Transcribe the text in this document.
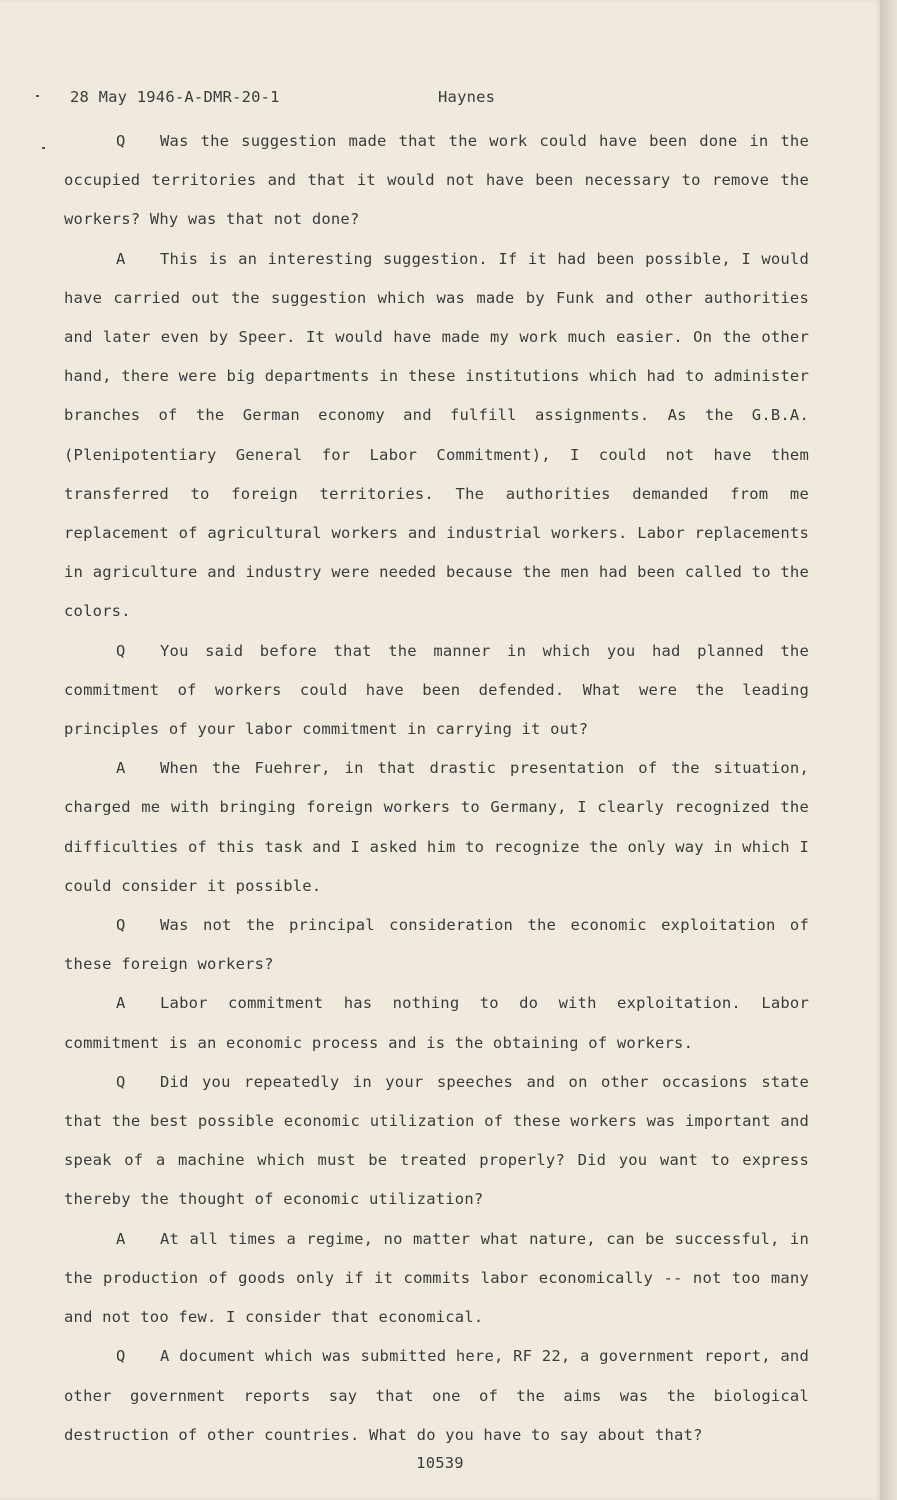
28 May 1946-A-DMR-20-1	Haynes

Q Was the suggestion made that the work could have been done in the occupied territories and that it would not have been necessary to remove the workers? Why was that not done?

A This is an interesting suggestion. If it had been possible, I would have carried out the suggestion which was made by Funk and other authorities and later even by Speer. It would have made my work much easier. On the other hand, there were big departments in these institutions which had to administer branches of the German economy and fulfill assignments. As the G.B.A. (Plenipotentiary General for Labor Commitment), I could not have them transferred to foreign territories. The authorities demanded from me replacement of agricultural workers and industrial workers. Labor replacements in agriculture and industry were needed because the men had been called to the colors.

Q You said before that the manner in which you had planned the commitment of workers could have been defended. What were the leading principles of your labor commitment in carrying it out?

A When the Fuehrer, in that drastic presentation of the situation, charged me with bringing foreign workers to Germany, I clearly recognized the difficulties of this task and I asked him to recognize the only way in which I could consider it possible.

Q Was not the principal consideration the economic exploitation of these foreign workers?

A Labor commitment has nothing to do with exploitation. Labor commitment is an economic process and is the obtaining of workers.

Q Did you repeatedly in your speeches and on other occasions state that the best possible economic utilization of these workers was important and speak of a machine which must be treated properly? Did you want to express thereby the thought of economic utilization?

A At all times a regime, no matter what nature, can be successful, in the production of goods only if it commits labor economically -- not too many and not too few. I consider that economical.

Q A document which was submitted here, RF 22, a government report, and other government reports say that one of the aims was the biological destruction of other countries. What do you have to say about that?

10539
